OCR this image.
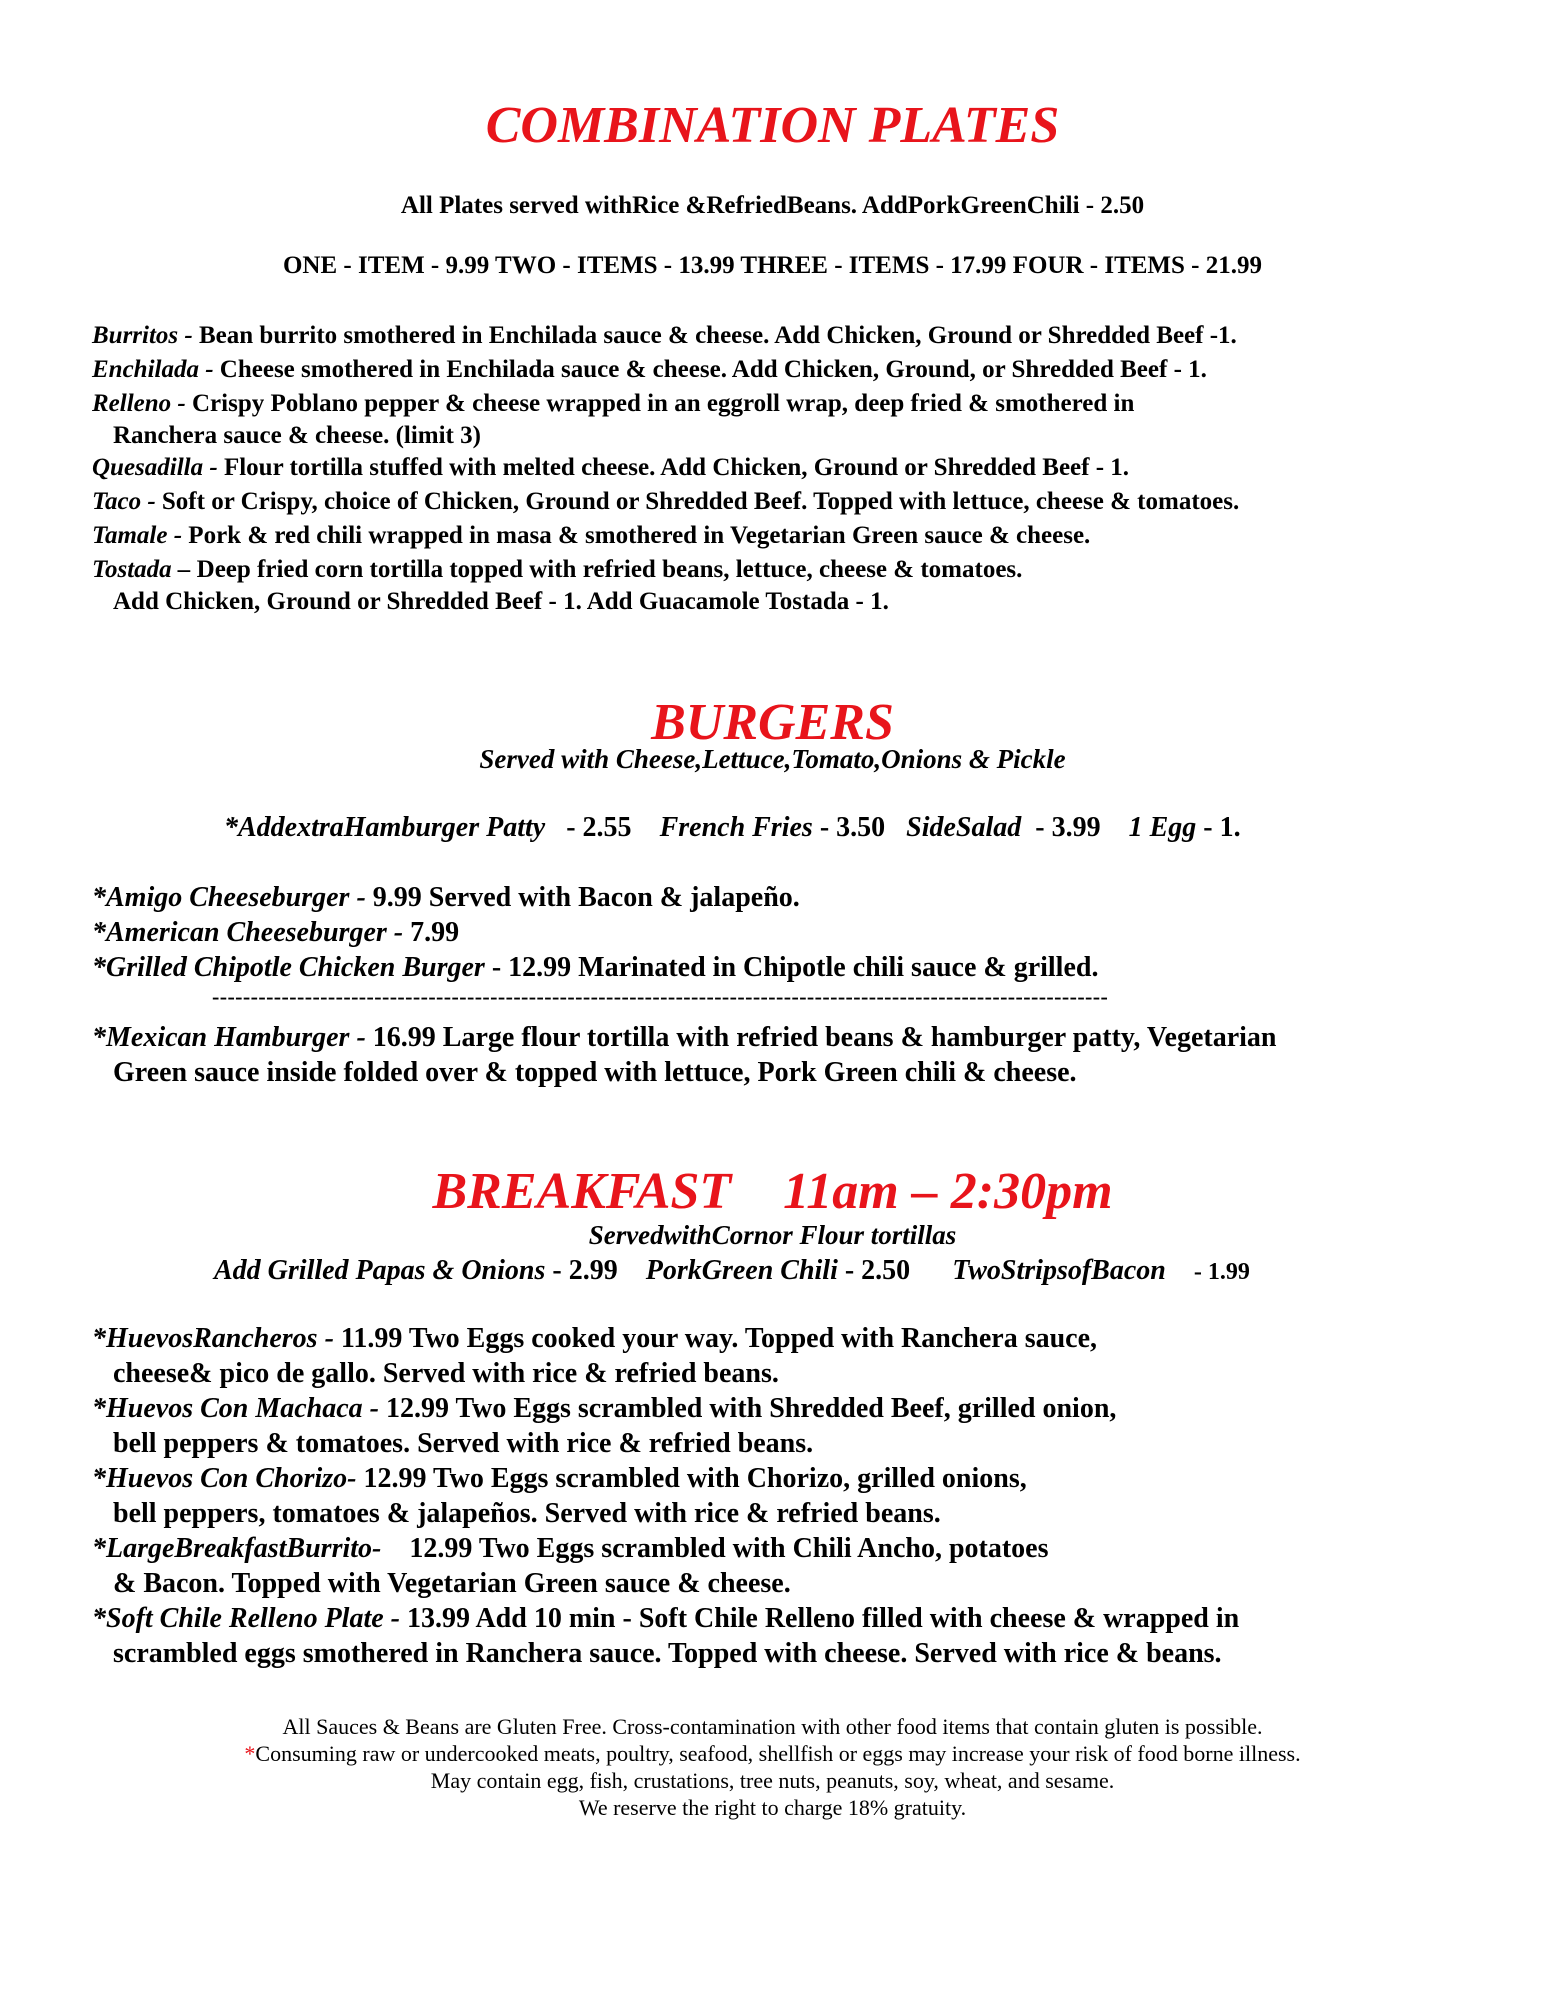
COMBINATION PLATES

All Plates served withRice &RefriedBeans. AddPorkGreenChili - 2.50

ONE - ITEM - 9.99 TWO - ITEMS - 13.99 THREE - ITEMS - 17.99 FOUR - ITEMS - 21.99

Burritos - Bean burrito smothered in Enchilada sauce & cheese. Add Chicken, Ground or Shredded Beef -1.

Enchilada - Cheese smothered in Enchilada sauce & cheese. Add Chicken, Ground, or Shredded Beef - 1.

Relleno - Crispy Poblano pepper & cheese wrapped in an eggroll wrap, deep fried & smothered in

Ranchera sauce & cheese. (limit 3)

Quesadilla - Flour tortilla stuffed with melted cheese. Add Chicken, Ground or Shredded Beef - 1.

Taco - Soft or Crispy, choice of Chicken, Ground or Shredded Beef. Topped with lettuce, cheese & tomatoes.

Tamale - Pork & red chili wrapped in masa & smothered in Vegetarian Green sauce & cheese.

Tostada – Deep fried corn tortilla topped with refried beans, lettuce, cheese & tomatoes.

Add Chicken, Ground or Shredded Beef - 1. Add Guacamole Tostada - 1.

BURGERS

Served with Cheese,Lettuce,Tomato,Onions & Pickle

*AddextraHamburger Patty - 2.55 French Fries - 3.50 SideSalad - 3.99 1 Egg - 1.

*Amigo Cheeseburger - 9.99 Served with Bacon & jalapeño.

*American Cheeseburger - 7.99

*Grilled Chipotle Chicken Burger - 12.99 Marinated in Chipotle chili sauce & grilled.

--------------------------------------------------------------------------------------------------------------------

*Mexican Hamburger - 16.99 Large flour tortilla with refried beans & hamburger patty, Vegetarian

Green sauce inside folded over & topped with lettuce, Pork Green chili & cheese.

BREAKFAST 11am – 2:30pm

ServedwithCornor Flour tortillas

Add Grilled Papas & Onions - 2.99 PorkGreen Chili - 2.50 TwoStripsofBacon - 1.99

*HuevosRancheros - 11.99 Two Eggs cooked your way. Topped with Ranchera sauce,

cheese& pico de gallo. Served with rice & refried beans.

*Huevos Con Machaca - 12.99 Two Eggs scrambled with Shredded Beef, grilled onion,

bell peppers & tomatoes. Served with rice & refried beans.

*Huevos Con Chorizo- 12.99 Two Eggs scrambled with Chorizo, grilled onions,

bell peppers, tomatoes & jalapeños. Served with rice & refried beans.

*LargeBreakfastBurrito-    12.99 Two Eggs scrambled with Chili Ancho, potatoes

& Bacon. Topped with Vegetarian Green sauce & cheese.

*Soft Chile Relleno Plate - 13.99 Add 10 min - Soft Chile Relleno filled with cheese & wrapped in

scrambled eggs smothered in Ranchera sauce. Topped with cheese. Served with rice & beans.

All Sauces & Beans are Gluten Free. Cross-contamination with other food items that contain gluten is possible.

*Consuming raw or undercooked meats, poultry, seafood, shellfish or eggs may increase your risk of food borne illness.

May contain egg, fish, crustations, tree nuts, peanuts, soy, wheat, and sesame.

We reserve the right to charge 18% gratuity.
